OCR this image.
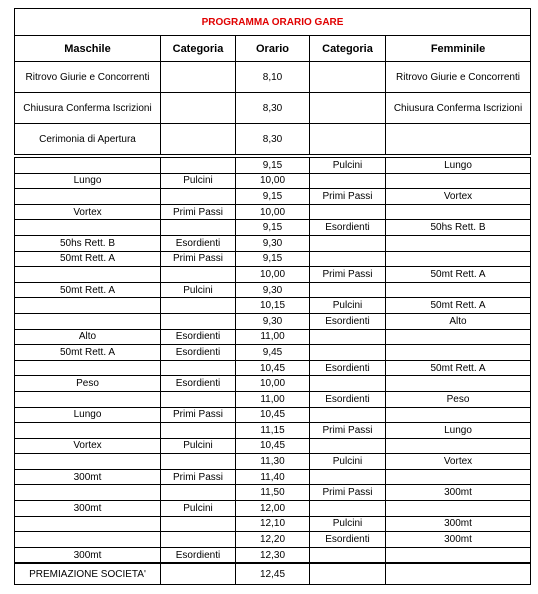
PROGRAMMA ORARIO GARE				
Maschile	Categoria	Orario	Categoria	Femminile
Ritrovo Giurie e Concorrenti		8,10		Ritrovo Giurie e Concorrenti
Chiusura Conferma Iscrizioni		8,30		Chiusura Conferma Iscrizioni
Cerimonia di Apertura		8,30		
		9,15	Pulcini	Lungo
Lungo	Pulcini	10,00		
		9,15	Primi Passi	Vortex
Vortex	Primi Passi	10,00		
		9,15	Esordienti	50hs Rett. B
50hs Rett. B	Esordienti	9,30		
50mt Rett. A	Primi Passi	9,15		
		10,00	Primi Passi	50mt Rett. A
50mt Rett. A	Pulcini	9,30		
		10,15	Pulcini	50mt Rett. A
		9,30	Esordienti	Alto
Alto	Esordienti	11,00		
50mt Rett. A	Esordienti	9,45		
		10,45	Esordienti	50mt Rett. A
Peso	Esordienti	10,00		
		11,00	Esordienti	Peso
Lungo	Primi Passi	10,45		
		11,15	Primi Passi	Lungo
Vortex	Pulcini	10,45		
		11,30	Pulcini	Vortex
300mt	Primi Passi	11,40		
		11,50	Primi Passi	300mt
300mt	Pulcini	12,00		
		12,10	Pulcini	300mt
		12,20	Esordienti	300mt
300mt	Esordienti	12,30		
PREMIAZIONE SOCIETA'		12,45		
